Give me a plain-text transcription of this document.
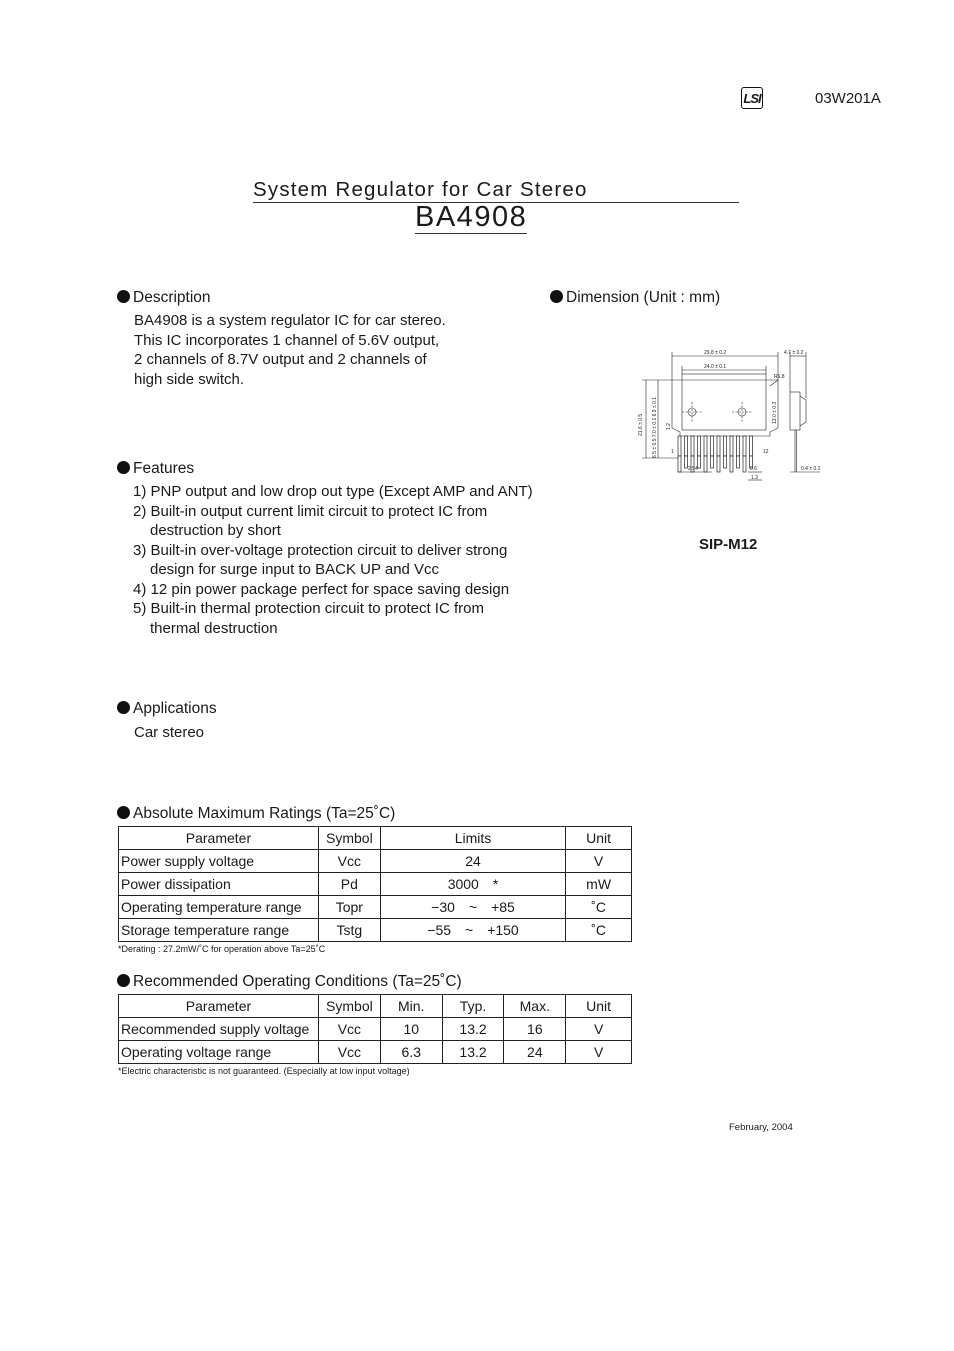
LSI	03W201A
System Regulator for Car Stereo
BA4908
Description
BA4908 is a system regulator IC for car stereo.
This IC incorporates 1 channel of 5.6V output,
2 channels of 8.7V output and 2 channels of
high side switch.
Dimension (Unit : mm)
29.8 ± 0.2
24.0 ± 0.1
4.7 ± 0.2
R1.8
2.54	0.6
1.3
0.4 ± 0.1
1	12
21.6 ± 0.5 6.5 ± 0.5 7.0 ± 0.1 6.9 ± 0.1 1.2
13.0 ± 0.3
SIP-M12
Features
1) PNP output and low drop out type (Except AMP and ANT)
2) Built-in output current limit circuit to protect IC from
destruction by short
3) Built-in over-voltage protection circuit to deliver strong
design for surge input to BACK UP and Vcc
4) 12 pin power package perfect for space saving design
5) Built-in thermal protection circuit to protect IC from
thermal destruction
Applications
Car stereo
Absolute Maximum Ratings (Ta=25˚C)
Parameter	Symbol	Limits	Unit
Power supply voltage	Vcc	24	V
Power dissipation	Pd	3000　*	mW
Operating temperature range	Topr	−30　~　+85	˚C
Storage temperature range	Tstg	−55　~　+150	˚C
*Derating : 27.2mW/˚C for operation above Ta=25˚C
Recommended Operating Conditions (Ta=25˚C)
Parameter	Symbol	Min.	Typ.	Max.	Unit
Recommended supply voltage	Vcc	10	13.2	16	V
Operating voltage range	Vcc	6.3	13.2	24	V
*Electric characteristic is not guaranteed. (Especially at low input voltage)
February, 2004
